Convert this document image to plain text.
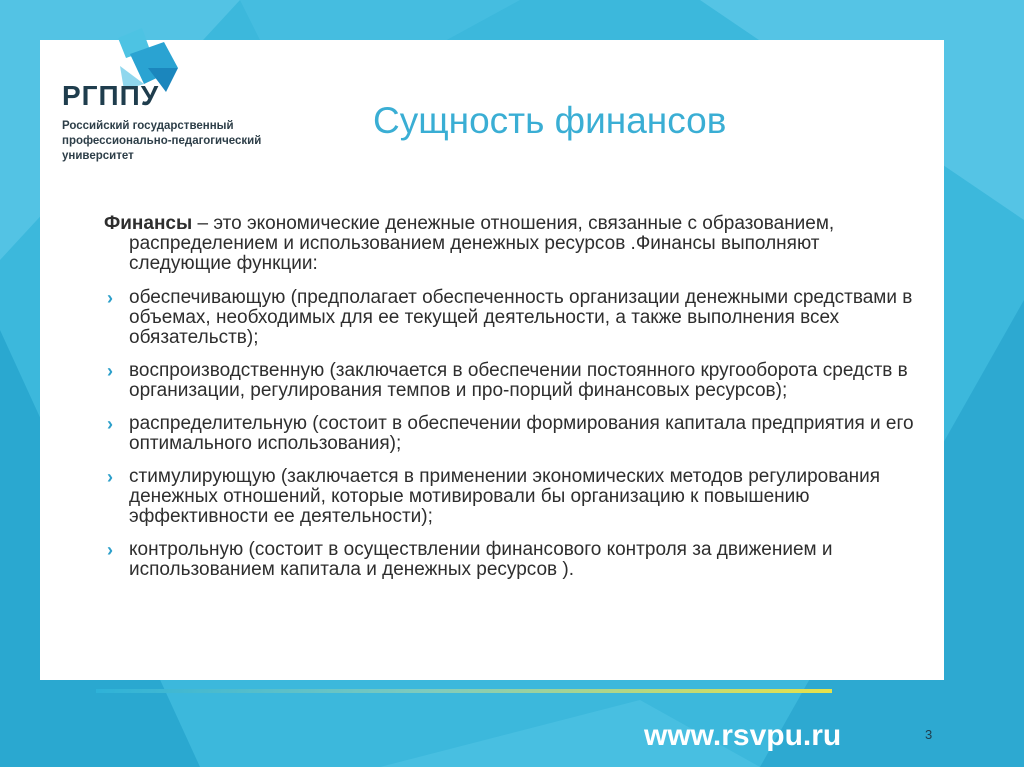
РГППУ
Российский государственный
профессионально-педагогический
университет
Сущность финансов

Финансы – это экономические денежные отношения, связанные с образованием, распределением и использованием денежных ресурсов .Финансы выполняют следующие функции:

› обеспечивающую (предполагает обеспеченность организации денежными средствами в объемах, необходимых для ее текущей деятельности, а также выполнения всех обязательств);

› воспроизводственную (заключается в обеспечении постоянного кругооборота средств в организации, регулирования темпов и про-порций финансовых ресурсов);

› распределительную (состоит в обеспечении формирования капитала предприятия и его оптимального использования);

› стимулирующую (заключается в применении экономических методов регулирования денежных отношений, которые мотивировали бы организацию к повышению эффективности ее деятельности);

› контрольную (состоит в осуществлении финансового контроля за движением и использованием капитала и денежных ресурсов ).

www.rsvpu.ru	3
